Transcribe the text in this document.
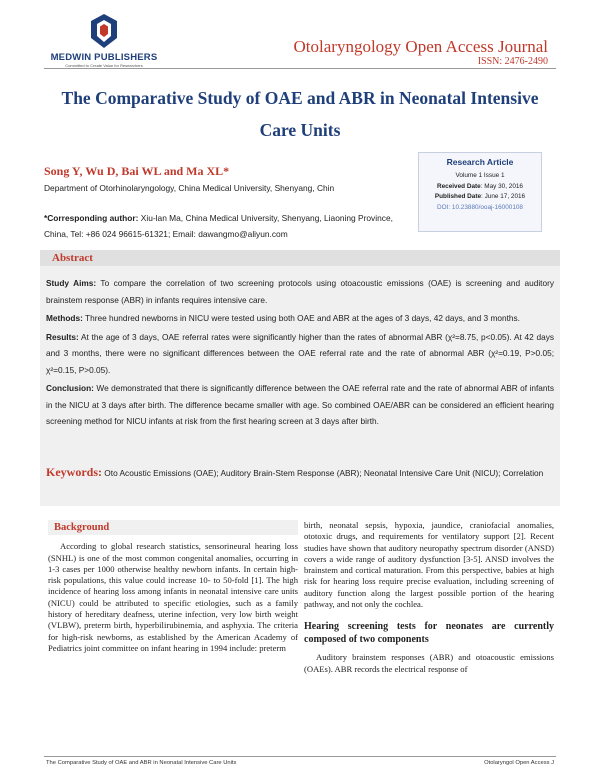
MEDWIN PUBLISHERS
Committed to Create Value for Researchers
Otolaryngology Open Access Journal
ISSN: 2476-2490
The Comparative Study of OAE and ABR in Neonatal Intensive Care Units
Song Y, Wu D, Bai WL and Ma XL*
Department of Otorhinolaryngology, China Medical University, Shenyang, Chin
*Corresponding author: Xiu-lan Ma, China Medical University, Shenyang, Liaoning Province, China, Tel: +86 024 96615-61321; Email: dawangmo@aliyun.com
Research Article
Volume 1 Issue 1
Received Date: May 30, 2016
Published Date: June 17, 2016
DOI: 10.23880/ooaj-16000108
Abstract

Study Aims: To compare the correlation of two screening protocols using otoacoustic emissions (OAE) is screening and auditory brainstem response (ABR) in infants requires intensive care.

Methods: Three hundred newborns in NICU were tested using both OAE and ABR at the ages of 3 days, 42 days, and 3 months.

Results: At the age of 3 days, OAE referral rates were significantly higher than the rates of abnormal ABR (χ²=8.75, p<0.05). At 42 days and 3 months, there were no significant differences between the OAE referral rate and the rate of abnormal ABR (χ²=0.19, P>0.05; χ²=0.15, P>0.05).

Conclusion: We demonstrated that there is significantly difference between the OAE referral rate and the rate of abnormal ABR of infants in the NICU at 3 days after birth. The difference became smaller with age. So combined OAE/ABR can be considered an efficient hearing screening method for NICU infants at risk from the first hearing screen at 3 days after birth.

Keywords: Oto Acoustic Emissions (OAE); Auditory Brain-Stem Response (ABR); Neonatal Intensive Care Unit (NICU); Correlation
Background

According to global research statistics, sensorineural hearing loss (SNHL) is one of the most common congenital anomalies, occurring in 1-3 cases per 1000 otherwise healthy newborn infants. In certain high-risk populations, this value could increase 10- to 50-fold [1]. The high incidence of hearing loss among infants in neonatal intensive care units (NICU) could be attributed to specific etiologies, such as a family history of hereditary deafness, uterine infection, very low birth weight (VLBW), preterm birth, hyperbilirubinemia, and asphyxia. The criteria for high-risk newborns, as established by the American Academy of Pediatrics joint committee on infant hearing in 1994 include: preterm

birth, neonatal sepsis, hypoxia, jaundice, craniofacial anomalies, ototoxic drugs, and requirements for ventilatory support [2]. Recent studies have shown that auditory neuropathy spectrum disorder (ANSD) covers a wide range of auditory dysfunction [3-5]. ANSD involves the brainstem and cortical maturation. From this perspective, babies at high risk for hearing loss require precise evaluation, including screening of auditory function along the largest possible portion of the hearing pathway, and not only the cochlea.

Hearing screening tests for neonates are currently composed of two components

Auditory brainstem responses (ABR) and otoacoustic emissions (OAEs). ABR records the electrical response of

The Comparative Study of OAE and ABR in Neonatal Intensive Care Units	Otolaryngol Open Access J
